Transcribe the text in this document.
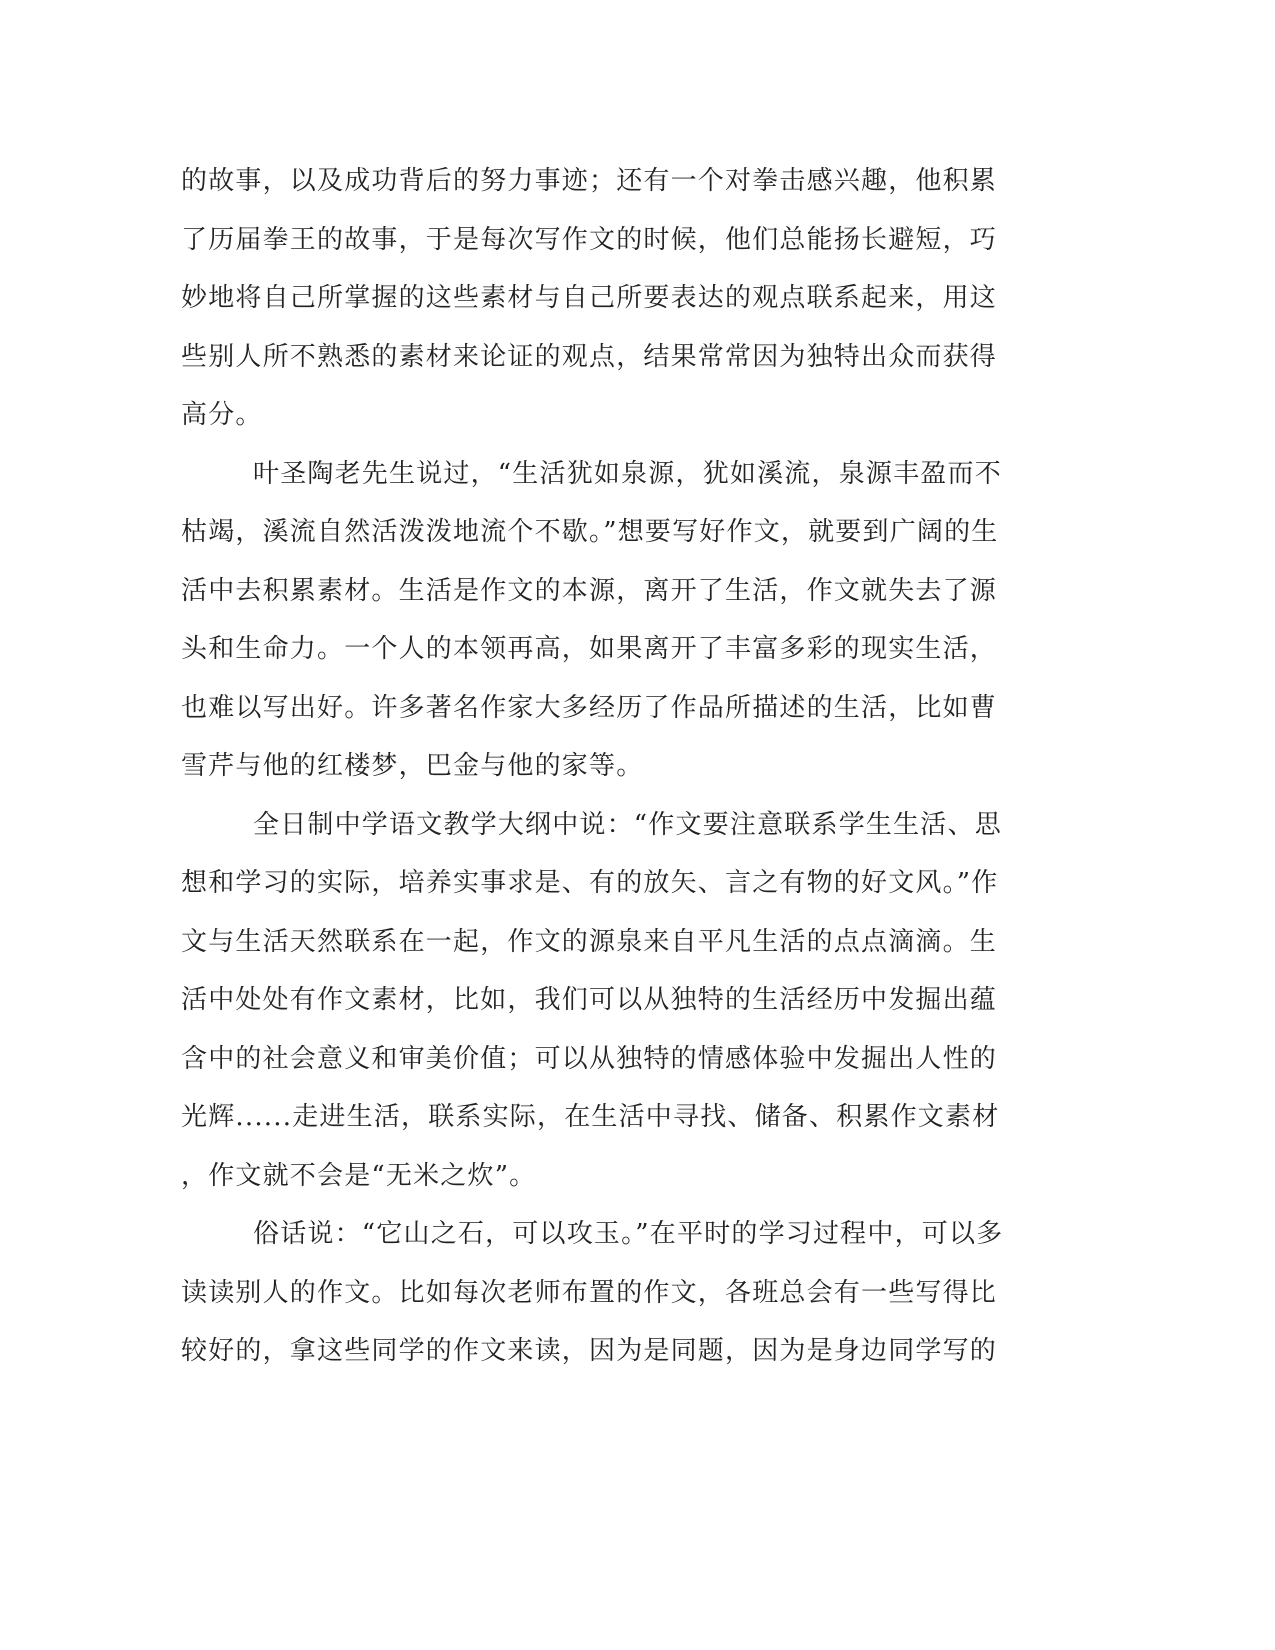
的故事，以及成功背后的努力事迹；还有一个对拳击感兴趣，他积累
了历届拳王的故事，于是每次写作文的时候，他们总能扬长避短，巧
妙地将自己所掌握的这些素材与自己所要表达的观点联系起来，用这
些别人所不熟悉的素材来论证的观点，结果常常因为独特出众而获得
高分。
叶圣陶老先生说过，“生活犹如泉源，犹如溪流，泉源丰盈而不
枯竭，溪流自然活泼泼地流个不歇。”想要写好作文，就要到广阔的生
活中去积累素材。生活是作文的本源，离开了生活，作文就失去了源
头和生命力。一个人的本领再高，如果离开了丰富多彩的现实生活，
也难以写出好。许多著名作家大多经历了作品所描述的生活，比如曹
雪芹与他的红楼梦，巴金与他的家等。
全日制中学语文教学大纲中说：“作文要注意联系学生生活、思
想和学习的实际，培养实事求是、有的放矢、言之有物的好文风。”作
文与生活天然联系在一起，作文的源泉来自平凡生活的点点滴滴。生
活中处处有作文素材，比如，我们可以从独特的生活经历中发掘出蕴
含中的社会意义和审美价值；可以从独特的情感体验中发掘出人性的
光辉......走进生活，联系实际，在生活中寻找、储备、积累作文素材
，作文就不会是“无米之炊”。
俗话说：“它山之石，可以攻玉。”在平时的学习过程中，可以多
读读别人的作文。比如每次老师布置的作文，各班总会有一些写得比
较好的，拿这些同学的作文来读，因为是同题，因为是身边同学写的
